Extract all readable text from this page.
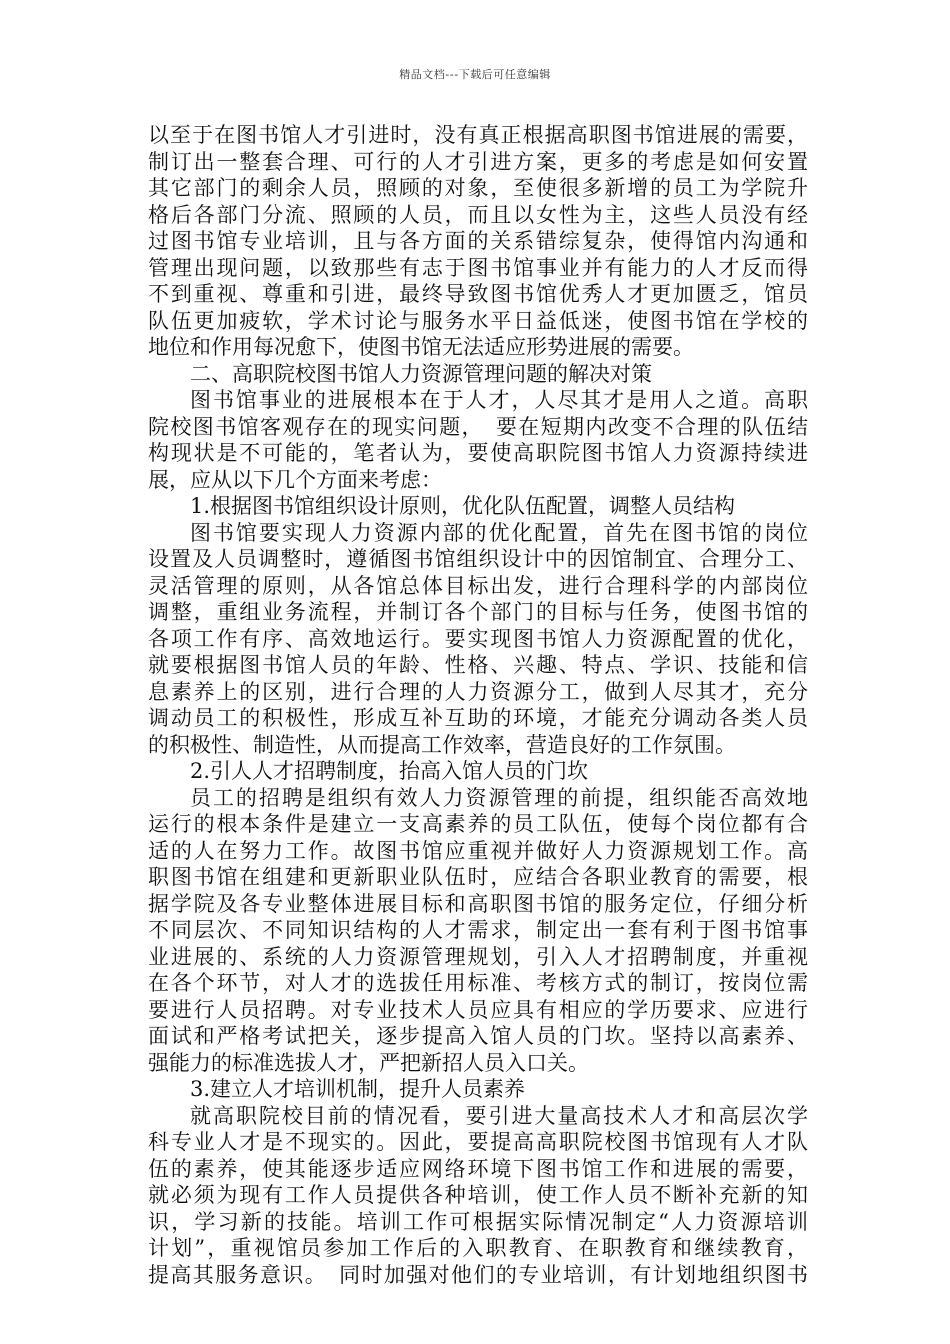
精品文档---下载后可任意编辑
以至于在图书馆人才引进时，没有真正根据高职图书馆进展的需要，
制订出一整套合理、可行的人才引进方案，更多的考虑是如何安置
其它部门的剩余人员，照顾的对象，至使很多新增的员工为学院升
格后各部门分流、照顾的人员，而且以女性为主，这些人员没有经
过图书馆专业培训，且与各方面的关系错综复杂，使得馆内沟通和
管理出现问题，以致那些有志于图书馆事业并有能力的人才反而得
不到重视、尊重和引进，最终导致图书馆优秀人才更加匮乏，馆员
队伍更加疲软，学术讨论与服务水平日益低迷，使图书馆在学校的
地位和作用每况愈下，使图书馆无法适应形势进展的需要。
二、高职院校图书馆人力资源管理问题的解决对策
图书馆事业的进展根本在于人才，人尽其才是用人之道。高职
院校图书馆客观存在的现实问题，　要在短期内改变不合理的队伍结
构现状是不可能的，笔者认为，要使高职院图书馆人力资源持续进
展，应从以下几个方面来考虑：
1.根据图书馆组织设计原则，优化队伍配置，调整人员结构
图书馆要实现人力资源内部的优化配置，首先在图书馆的岗位
设置及人员调整时，遵循图书馆组织设计中的因馆制宜、合理分工、
灵活管理的原则，从各馆总体目标出发，进行合理科学的内部岗位
调整，重组业务流程，并制订各个部门的目标与任务，使图书馆的
各项工作有序、高效地运行。要实现图书馆人力资源配置的优化，
就要根据图书馆人员的年龄、性格、兴趣、特点、学识、技能和信
息素养上的区别，进行合理的人力资源分工，做到人尽其才，充分
调动员工的积极性，形成互补互助的环境，才能充分调动各类人员
的积极性、制造性，从而提高工作效率，营造良好的工作氛围。
2.引人人才招聘制度，抬高入馆人员的门坎
员工的招聘是组织有效人力资源管理的前提，组织能否高效地
运行的根本条件是建立一支高素养的员工队伍，使每个岗位都有合
适的人在努力工作。故图书馆应重视并做好人力资源规划工作。高
职图书馆在组建和更新职业队伍时，应结合各职业教育的需要，根
据学院及各专业整体进展目标和高职图书馆的服务定位，仔细分析
不同层次、不同知识结构的人才需求，制定出一套有利于图书馆事
业进展的、系统的人力资源管理规划，引入人才招聘制度，并重视
在各个环节，对人才的选拔任用标准、考核方式的制订，按岗位需
要进行人员招聘。对专业技术人员应具有相应的学历要求、应进行
面试和严格考试把关，逐步提高入馆人员的门坎。坚持以高素养、
强能力的标准选拔人才，严把新招人员入口关。
3.建立人才培训机制，提升人员素养
就高职院校目前的情况看，要引进大量高技术人才和高层次学
科专业人才是不现实的。因此，要提高高职院校图书馆现有人才队
伍的素养，使其能逐步适应网络环境下图书馆工作和进展的需要，
就必须为现有工作人员提供各种培训，使工作人员不断补充新的知
识，学习新的技能。培训工作可根据实际情况制定“人力资源培训
计划”，重视馆员参加工作后的入职教育、在职教育和继续教育，
提高其服务意识。　同时加强对他们的专业培训，有计划地组织图书
